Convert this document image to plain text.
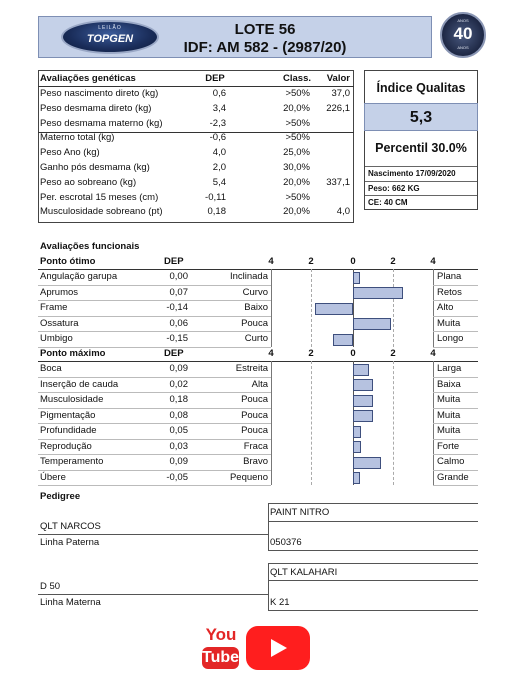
LEILÃO
TOPGEN
LOTE 56
IDF: AM 582 - (2987/20)
ANOS
40
ANOS
Avaliações genéticas	DEP	Class.	Valor
Peso nascimento direto (kg)	0,6	>50%	37,0
Peso desmama direto (kg)	3,4	20,0%	226,1
Peso desmama materno (kg)	-2,3	>50%
Materno total (kg)	-0,6	>50%
Peso Ano (kg)	4,0	25,0%
Ganho pós desmama (kg)	2,0	30,0%
Peso ao sobreano (kg)	5,4	20,0%	337,1
Per. escrotal 15 meses (cm)	-0,11	>50%
Musculosidade sobreano (pt)	0,18	20,0%	4,0
Índice Qualitas
5,3
Percentil 30.0%
Nascimento 17/09/2020
Peso: 662 KG
CE: 40 CM
Avaliações funcionais
Ponto ótimo	DEP	4	2	0	2	4
Angulação garupa	0,00	Inclinada	Plana
Aprumos	0,07	Curvo	Retos
Frame	-0,14	Baixo	Alto
Ossatura	0,06	Pouca	Muita
Umbigo	-0,15	Curto	Longo
Ponto máximo	DEP	4	2	0	2	4
Boca	0,09	Estreita	Larga
Inserção de cauda	0,02	Alta	Baixa
Musculosidade	0,18	Pouca	Muita
Pigmentação	0,08	Pouca	Muita
Profundidade	0,05	Pouca	Muita
Reprodução	0,03	Fraca	Forte
Temperamento	0,09	Bravo	Calmo
Úbere	-0,05	Pequeno	Grande
Pedigree
PAINT NITRO
QLT NARCOS
Linha Paterna	050376
QLT KALAHARI
D 50
Linha Materna	K 21
You
Tube
